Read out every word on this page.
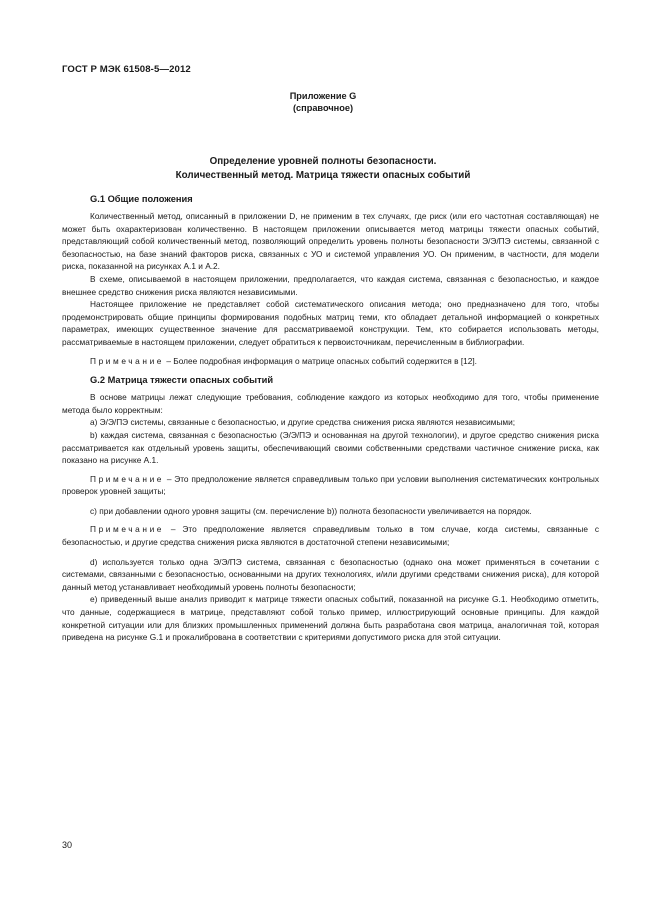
ГОСТ Р МЭК 61508-5—2012
Приложение G
(справочное)
Определение уровней полноты безопасности.
Количественный метод. Матрица тяжести опасных событий
G.1 Общие положения

Количественный метод, описанный в приложении D, не применим в тех случаях, где риск (или его частотная составляющая) не может быть охарактеризован количественно. В настоящем приложении описывается метод матрицы тяжести опасных событий, представляющий собой количественный метод, позволяющий определить уровень полноты безопасности Э/Э/ПЭ системы, связанной с безопасностью, на базе знаний факторов риска, связанных с УО и системой управления УО. Он применим, в частности, для модели риска, показанной на рисунках А.1 и А.2.

В схеме, описываемой в настоящем приложении, предполагается, что каждая система, связанная с безопасностью, и каждое внешнее средство снижения риска являются независимыми.

Настоящее приложение не представляет собой систематического описания метода; оно предназначено для того, чтобы продемонстрировать общие принципы формирования подобных матриц теми, кто обладает детальной информацией о конкретных параметрах, имеющих существенное значение для рассматриваемой конструкции. Тем, кто собирается использовать методы, рассматриваемые в настоящем приложении, следует обратиться к первоисточникам, перечисленным в библиографии.

Примечание – Более подробная информация о матрице опасных событий содержится в [12].

G.2 Матрица тяжести опасных событий

В основе матрицы лежат следующие требования, соблюдение каждого из которых необходимо для того, чтобы применение метода было корректным:

а) Э/Э/ПЭ системы, связанные с безопасностью, и другие средства снижения риска являются независимыми;

b) каждая система, связанная с безопасностью (Э/Э/ПЭ и основанная на другой технологии), и другое средство снижения риска рассматривается как отдельный уровень защиты, обеспечивающий своими собственными средствами частичное снижение риска, как показано на рисунке А.1.

Примечание – Это предположение является справедливым только при условии выполнения систематических контрольных проверок уровней защиты;

с) при добавлении одного уровня защиты (см. перечисление b)) полнота безопасности увеличивается на порядок.

Примечание – Это предположение является справедливым только в том случае, когда системы, связанные с безопасностью, и другие средства снижения риска являются в достаточной степени независимыми;

d) используется только одна Э/Э/ПЭ система, связанная с безопасностью (однако она может применяться в сочетании с системами, связанными с безопасностью, основанными на других технологиях, и/или другими средствами снижения риска), для которой данный метод устанавливает необходимый уровень полноты безопасности;

е) приведенный выше анализ приводит к матрице тяжести опасных событий, показанной на рисунке G.1. Необходимо отметить, что данные, содержащиеся в матрице, представляют собой только пример, иллюстрирующий основные принципы. Для каждой конкретной ситуации или для близких промышленных применений должна быть разработана своя матрица, аналогичная той, которая приведена на рисунке G.1 и прокалибрована в соответствии с критериями допустимого риска для этой ситуации.

30
